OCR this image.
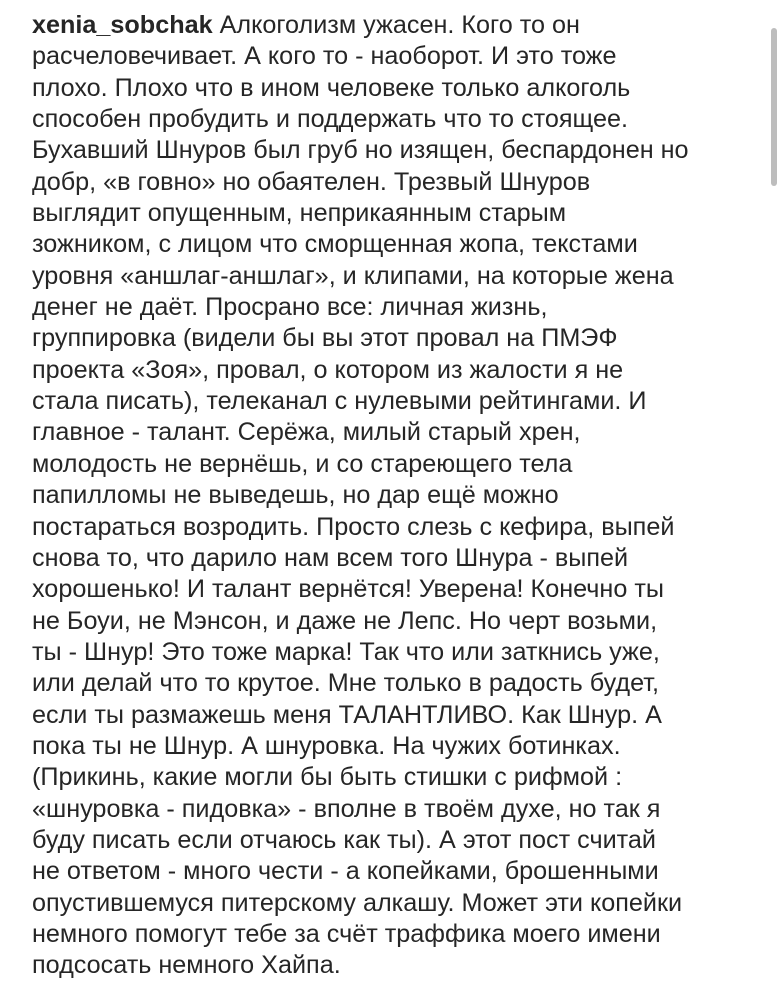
xenia_sobchak Алкоголизм ужасен. Кого то он
расчеловечивает. А кого то - наоборот. И это тоже
плохо. Плохо что в ином человеке только алкоголь
способен пробудить и поддержать что то стоящее.
Бухавший Шнуров был груб но изящен, беспардонен но
добр, «в говно» но обаятелен. Трезвый Шнуров
выглядит опущенным, неприкаянным старым
зожником, с лицом что сморщенная жопа, текстами
уровня «аншлаг-аншлаг», и клипами, на которые жена
денег не даёт. Просрано все: личная жизнь,
группировка (видели бы вы этот провал на ПМЭФ
проекта «Зоя», провал, о котором из жалости я не
стала писать), телеканал с нулевыми рейтингами. И
главное - талант. Серёжа, милый старый хрен,
молодость не вернёшь, и со стареющего тела
папилломы не выведешь, но дар ещё можно
постараться возродить. Просто слезь с кефира, выпей
снова то, что дарило нам всем того Шнура - выпей
хорошенько! И талант вернётся! Уверена! Конечно ты
не Боуи, не Мэнсон, и даже не Лепс. Но черт возьми,
ты - Шнур! Это тоже марка! Так что или заткнись уже,
или делай что то крутое. Мне только в радость будет,
если ты размажешь меня ТАЛАНТЛИВО. Как Шнур. А
пока ты не Шнур. А шнуровка. На чужих ботинках.
(Прикинь, какие могли бы быть стишки с рифмой :
«шнуровка - пидовка» - вполне в твоём духе, но так я
буду писать если отчаюсь как ты). А этот пост считай
не ответом - много чести - а копейками, брошенными
опустившемуся питерскому алкашу. Может эти копейки
немного помогут тебе за счёт траффика моего имени
подсосать немного Хайпа.
